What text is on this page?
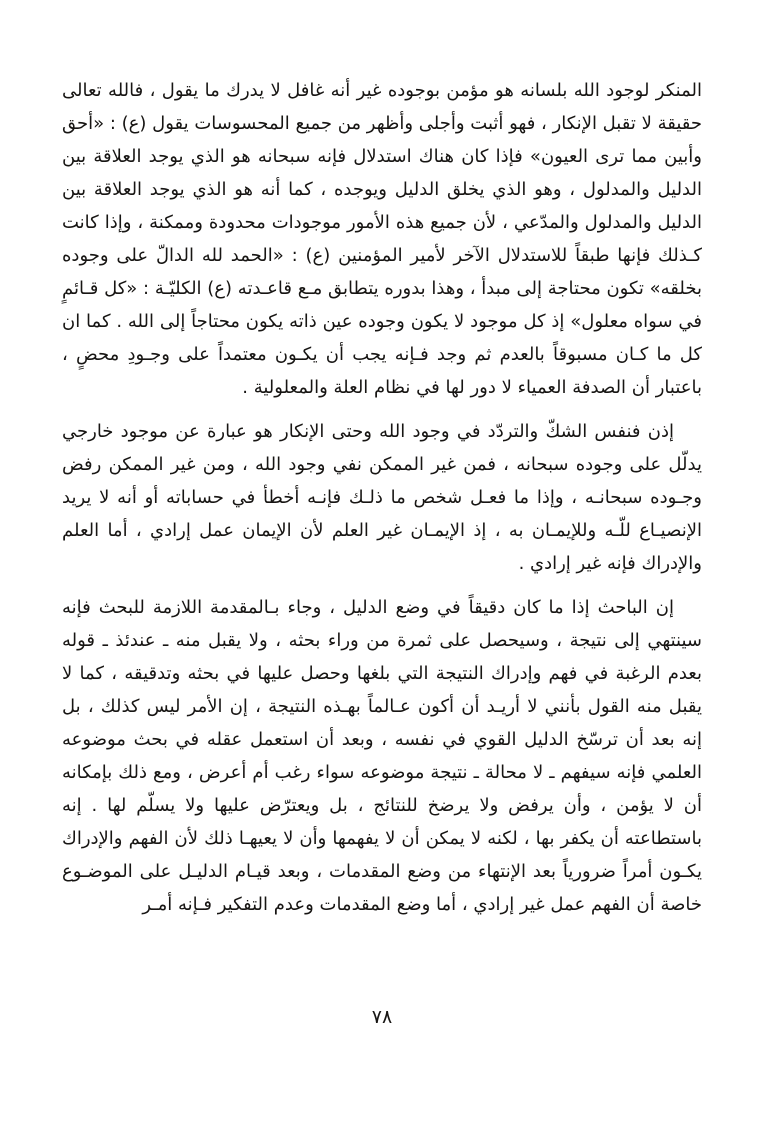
المنكر لوجود الله بلسانه هو مؤمن بوجوده غير أنه غافل لا يدرك ما يقول ، فالله تعالى حقيقة لا تقبل الإنكار ، فهو أثبت وأجلى وأظهر من جميع المحسوسات يقول (ع) : «أحق وأبين مما ترى العيون» فإذا كان هناك استدلال فإنه سبحانه هو الذي يوجد العلاقة بين الدليل والمدلول ، وهو الذي يخلق الدليل ويوجده ، كما أنه هو الذي يوجد العلاقة بين الدليل والمدلول والمدّعي ، لأن جميع هذه الأمور موجودات محدودة وممكنة ، وإذا كانت كـذلك فإنها طبقاً للاستدلال الآخر لأمير المؤمنين (ع) : «الحمد لله الدالّ على وجوده بخلقه» تكون محتاجة إلى مبدأ ، وهذا بدوره يتطابق مـع قاعـدته (ع) الكليّـة : «كل قـائمٍ في سواه معلول» إذ كل موجود لا يكون وجوده عين ذاته يكون محتاجاً إلى الله . كما ان كل ما كـان مسبوقاً بالعدم ثم وجد فـإنه يجب أن يكـون معتمداً على وجـودِ محضٍ ، باعتبار أن الصدفة العمياء لا دور لها في نظام العلة والمعلولية .

إذن فنفس الشكّ والتردّد في وجود الله وحتى الإنكار هو عبارة عن موجود خارجي يدلّل على وجوده سبحانه ، فمن غير الممكن نفي وجود الله ، ومن غير الممكن رفض وجـوده سبحانـه ، وإذا ما فعـل شخص ما ذلـك فإنـه أخطأ في حساباته أو أنه لا يريد الإنصيـاع للّـه وللإيمـان به ، إذ الإيمـان غير العلم لأن الإيمان عمل إرادي ، أما العلم والإدراك فإنه غير إرادي .

إن الباحث إذا ما كان دقيقاً في وضع الدليل ، وجاء بـالمقدمة اللازمة للبحث فإنه سينتهي إلى نتيجة ، وسيحصل على ثمرة من وراء بحثه ، ولا يقبل منه ـ عندئذ ـ قوله بعدم الرغبة في فهم وإدراك النتيجة التي بلغها وحصل عليها في بحثه وتدقيقه ، كما لا يقبل منه القول بأنني لا أريـد أن أكون عـالماً بهـذه النتيجة ، إن الأمر ليس كذلك ، بل إنه بعد أن ترسّخ الدليل القوي في نفسه ، وبعد أن استعمل عقله في بحث موضوعه العلمي فإنه سيفهم ـ لا محالة ـ نتيجة موضوعه سواء رغب أم أعرض ، ومع ذلك بإمكانه أن لا يؤمن ، وأن يرفض ولا يرضخ للنتائج ، بل ويعترّض عليها ولا يسلّم لها . إنه باستطاعته أن يكفر بها ، لكنه لا يمكن أن لا يفهمها وأن لا يعيهـا ذلك لأن الفهم والإدراك يكـون أمراً ضرورياً بعد الإنتهاء من وضع المقدمات ، وبعد قيـام الدليـل على الموضـوع خاصة أن الفهم عمل غير إرادي ، أما وضع المقدمات وعدم التفكير فـإنه أمـر

٧٨
